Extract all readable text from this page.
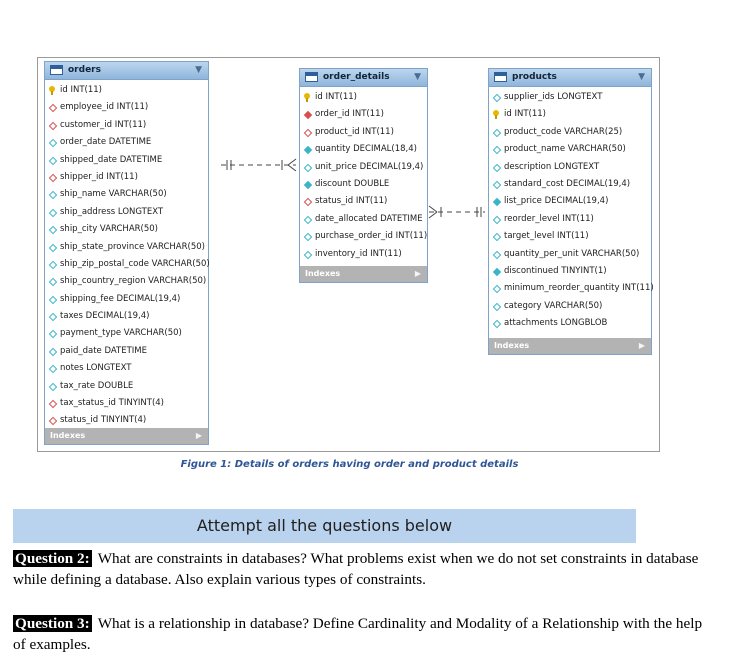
orders	▼
id INT(11)
employee_id INT(11)
customer_id INT(11)
order_date DATETIME
shipped_date DATETIME
shipper_id INT(11)
ship_name VARCHAR(50)
ship_address LONGTEXT
ship_city VARCHAR(50)
ship_state_province VARCHAR(50)
ship_zip_postal_code VARCHAR(50)
ship_country_region VARCHAR(50)
shipping_fee DECIMAL(19,4)
taxes DECIMAL(19,4)
payment_type VARCHAR(50)
paid_date DATETIME
notes LONGTEXT
tax_rate DOUBLE
tax_status_id TINYINT(4)
status_id TINYINT(4)
Indexes	▶
order_details	▼
id INT(11)
order_id INT(11)
product_id INT(11)
quantity DECIMAL(18,4)
unit_price DECIMAL(19,4)
discount DOUBLE
status_id INT(11)
date_allocated DATETIME
purchase_order_id INT(11)
inventory_id INT(11)
Indexes	▶
products	▼
supplier_ids LONGTEXT
id INT(11)
product_code VARCHAR(25)
product_name VARCHAR(50)
description LONGTEXT
standard_cost DECIMAL(19,4)
list_price DECIMAL(19,4)
reorder_level INT(11)
target_level INT(11)
quantity_per_unit VARCHAR(50)
discontinued TINYINT(1)
minimum_reorder_quantity INT(11)
category VARCHAR(50)
attachments LONGBLOB
Indexes	▶
Figure 1: Details of orders having order and product details
Attempt all the questions below
Question 2: What are constraints in databases? What problems exist when we do not set constraints in database while defining a database. Also explain various types of constraints.
Question 3: What is a relationship in database? Define Cardinality and Modality of a Relationship with the help of examples.
